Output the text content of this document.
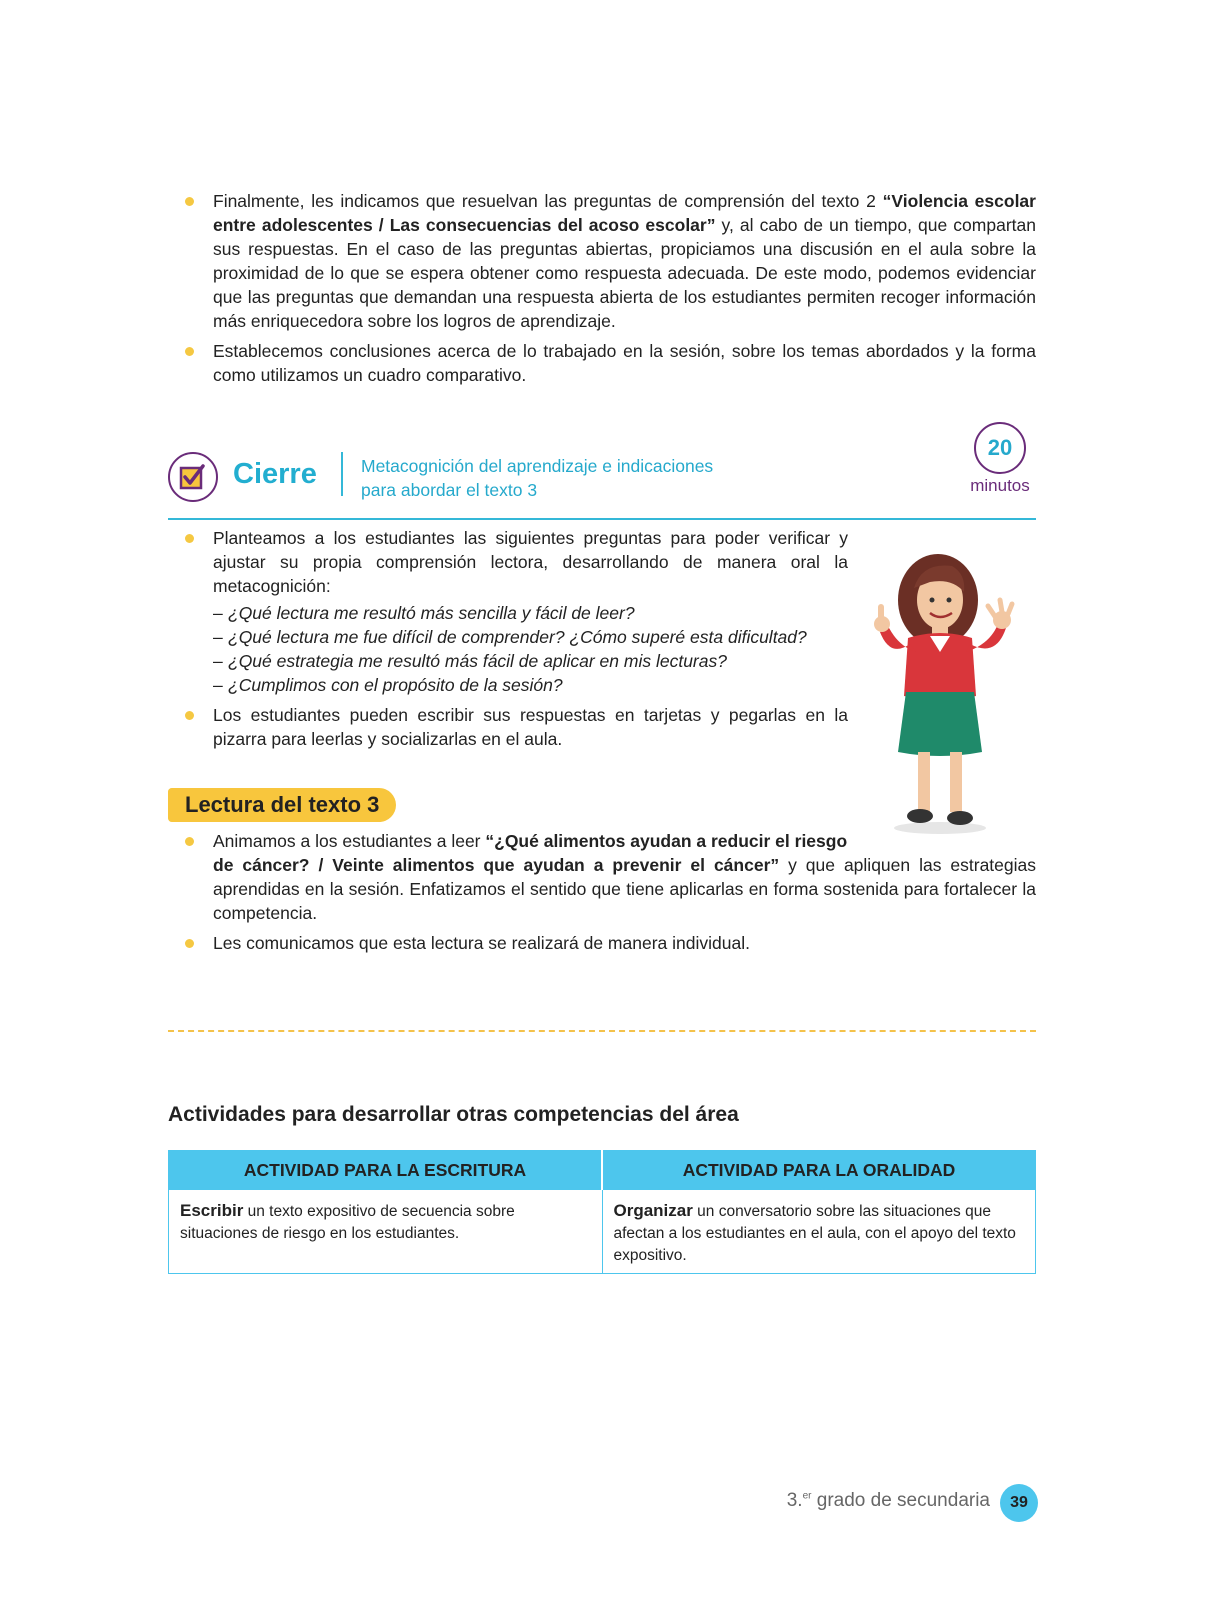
Finalmente, les indicamos que resuelvan las preguntas de comprensión del texto 2 “Violencia escolar entre adolescentes / Las consecuencias del acoso escolar” y, al cabo de un tiempo, que compartan sus respuestas. En el caso de las preguntas abiertas, propiciamos una discusión en el aula sobre la proximidad de lo que se espera obtener como respuesta adecuada. De este modo, podemos evidenciar que las preguntas que demandan una respuesta abierta de los estudiantes permiten recoger información más enriquecedora sobre los logros de aprendizaje.
Establecemos conclusiones acerca de lo trabajado en la sesión, sobre los temas abordados y la forma como utilizamos un cuadro comparativo.
Cierre	Metacognición del aprendizaje e indicaciones
para abordar el texto 3
20
minutos
Planteamos a los estudiantes las siguientes preguntas para poder verificar y ajustar su propia comprensión lectora, desarrollando de manera oral la metacognición:
– ¿Qué lectura me resultó más sencilla y fácil de leer?
– ¿Qué lectura me fue difícil de comprender? ¿Cómo superé esta dificultad?
– ¿Qué estrategia me resultó más fácil de aplicar en mis lecturas?
– ¿Cumplimos con el propósito de la sesión?
Los estudiantes pueden escribir sus respuestas en tarjetas y pegarlas en la pizarra para leerlas y socializarlas en el aula.
Lectura del texto 3
Animamos a los estudiantes a leer “¿Qué alimentos ayudan a reducir el riesgo
de cáncer? / Veinte alimentos que ayudan a prevenir el cáncer” y que apliquen las estrategias aprendidas en la sesión. Enfatizamos el sentido que tiene aplicarlas en forma sostenida para fortalecer la competencia.
Les comunicamos que esta lectura se realizará de manera individual.
Actividades para desarrollar otras competencias del área
ACTIVIDAD PARA LA ESCRITURA	ACTIVIDAD PARA LA ORALIDAD
Escribir un texto expositivo de secuencia sobre situaciones de riesgo en los estudiantes.	Organizar un conversatorio sobre las situaciones que afectan a los estudiantes en el aula, con el apoyo del texto expositivo.
3.$^{er}$ grado de secundaria	39
